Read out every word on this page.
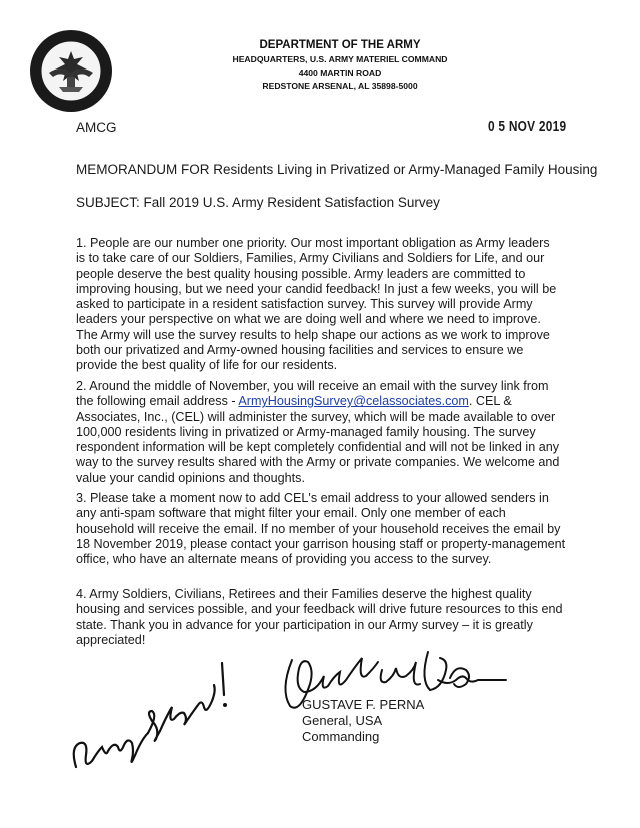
DEPARTMENT OF THE ARMY
HEADQUARTERS, U.S. ARMY MATERIEL COMMAND
4400 MARTIN ROAD
REDSTONE ARSENAL, AL 35898-5000
AMCG	0 5 NOV 2019
MEMORANDUM FOR Residents Living in Privatized or Army-Managed Family Housing
SUBJECT: Fall 2019 U.S. Army Resident Satisfaction Survey
1. People are our number one priority. Our most important obligation as Army leaders
is to take care of our Soldiers, Families, Army Civilians and Soldiers for Life, and our
people deserve the best quality housing possible. Army leaders are committed to
improving housing, but we need your candid feedback! In just a few weeks, you will be
asked to participate in a resident satisfaction survey. This survey will provide Army
leaders your perspective on what we are doing well and where we need to improve.
The Army will use the survey results to help shape our actions as we work to improve
both our privatized and Army-owned housing facilities and services to ensure we
provide the best quality of life for our residents.
2. Around the middle of November, you will receive an email with the survey link from
the following email address - ArmyHousingSurvey@celassociates.com. CEL &
Associates, Inc., (CEL) will administer the survey, which will be made available to over
100,000 residents living in privatized or Army-managed family housing. The survey
respondent information will be kept completely confidential and will not be linked in any
way to the survey results shared with the Army or private companies. We welcome and
value your candid opinions and thoughts.
3. Please take a moment now to add CEL's email address to your allowed senders in
any anti-spam software that might filter your email. Only one member of each
household will receive the email. If no member of your household receives the email by
18 November 2019, please contact your garrison housing staff or property-management
office, who have an alternate means of providing you access to the survey.
4. Army Soldiers, Civilians, Retirees and their Families deserve the highest quality
housing and services possible, and your feedback will drive future resources to this end
state. Thank you in advance for your participation in our Army survey – it is greatly
appreciated!
GUSTAVE F. PERNA
General, USA
Commanding
